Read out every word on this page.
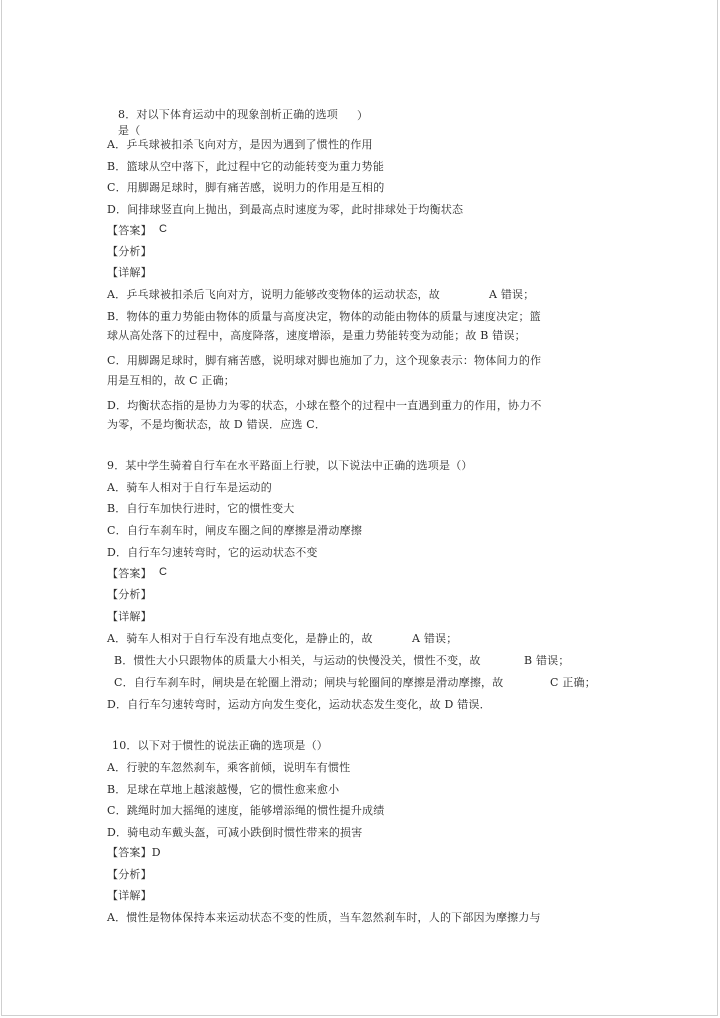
8．对以下体育运动中的现象剖析正确的选项 ）
是（
A．乒乓球被扣杀飞向对方，是因为遇到了惯性的作用
B．篮球从空中落下，此过程中它的动能转变为重力势能
C．用脚踢足球时，脚有痛苦感，说明力的作用是互相的
D．间排球竖直向上抛出，到最高点时速度为零，此时排球处于均衡状态
【答案】 C
【分析】
【详解】
A．乒乓球被扣杀后飞向对方，说明力能够改变物体的运动状态，故	A 错误；
B．物体的重力势能由物体的质量与高度决定，物体的动能由物体的质量与速度决定；篮
球从高处落下的过程中，高度降落，速度增添，是重力势能转变为动能；故 B 错误；
C．用脚踢足球时，脚有痛苦感，说明球对脚也施加了力，这个现象表示：物体间力的作
用是互相的，故 C 正确；
D．均衡状态指的是协力为零的状态，小球在整个的过程中一直遇到重力的作用，协力不
为零，不是均衡状态，故 D 错误．应选 C．
9．某中学生骑着自行车在水平路面上行驶，以下说法中正确的选项是（）
A．骑车人相对于自行车是运动的
B．自行车加快行进时，它的惯性变大
C．自行车刹车时，闸皮车圈之间的摩擦是滑动摩擦
D．自行车匀速转弯时，它的运动状态不变
【答案】 C
【分析】
【详解】
A．骑车人相对于自行车没有地点变化，是静止的，故	A 错误；
B．惯性大小只跟物体的质量大小相关，与运动的快慢没关，惯性不变，故	B 错误；
C．自行车刹车时，闸块是在轮圈上滑动；闸块与轮圈间的摩擦是滑动摩擦，故	C 正确；
D．自行车匀速转弯时，运动方向发生变化，运动状态发生变化，故 D 错误．
10．以下对于惯性的说法正确的选项是（）
A．行驶的车忽然刹车，乘客前倾，说明车有惯性
B．足球在草地上越滚越慢，它的惯性愈来愈小
C．跳绳时加大摇绳的速度，能够增添绳的惯性提升成绩
D．骑电动车戴头盔，可减小跌倒时惯性带来的损害
【答案】D
【分析】
【详解】
A．惯性是物体保持本来运动状态不变的性质，当车忽然刹车时，人的下部因为摩擦力与
